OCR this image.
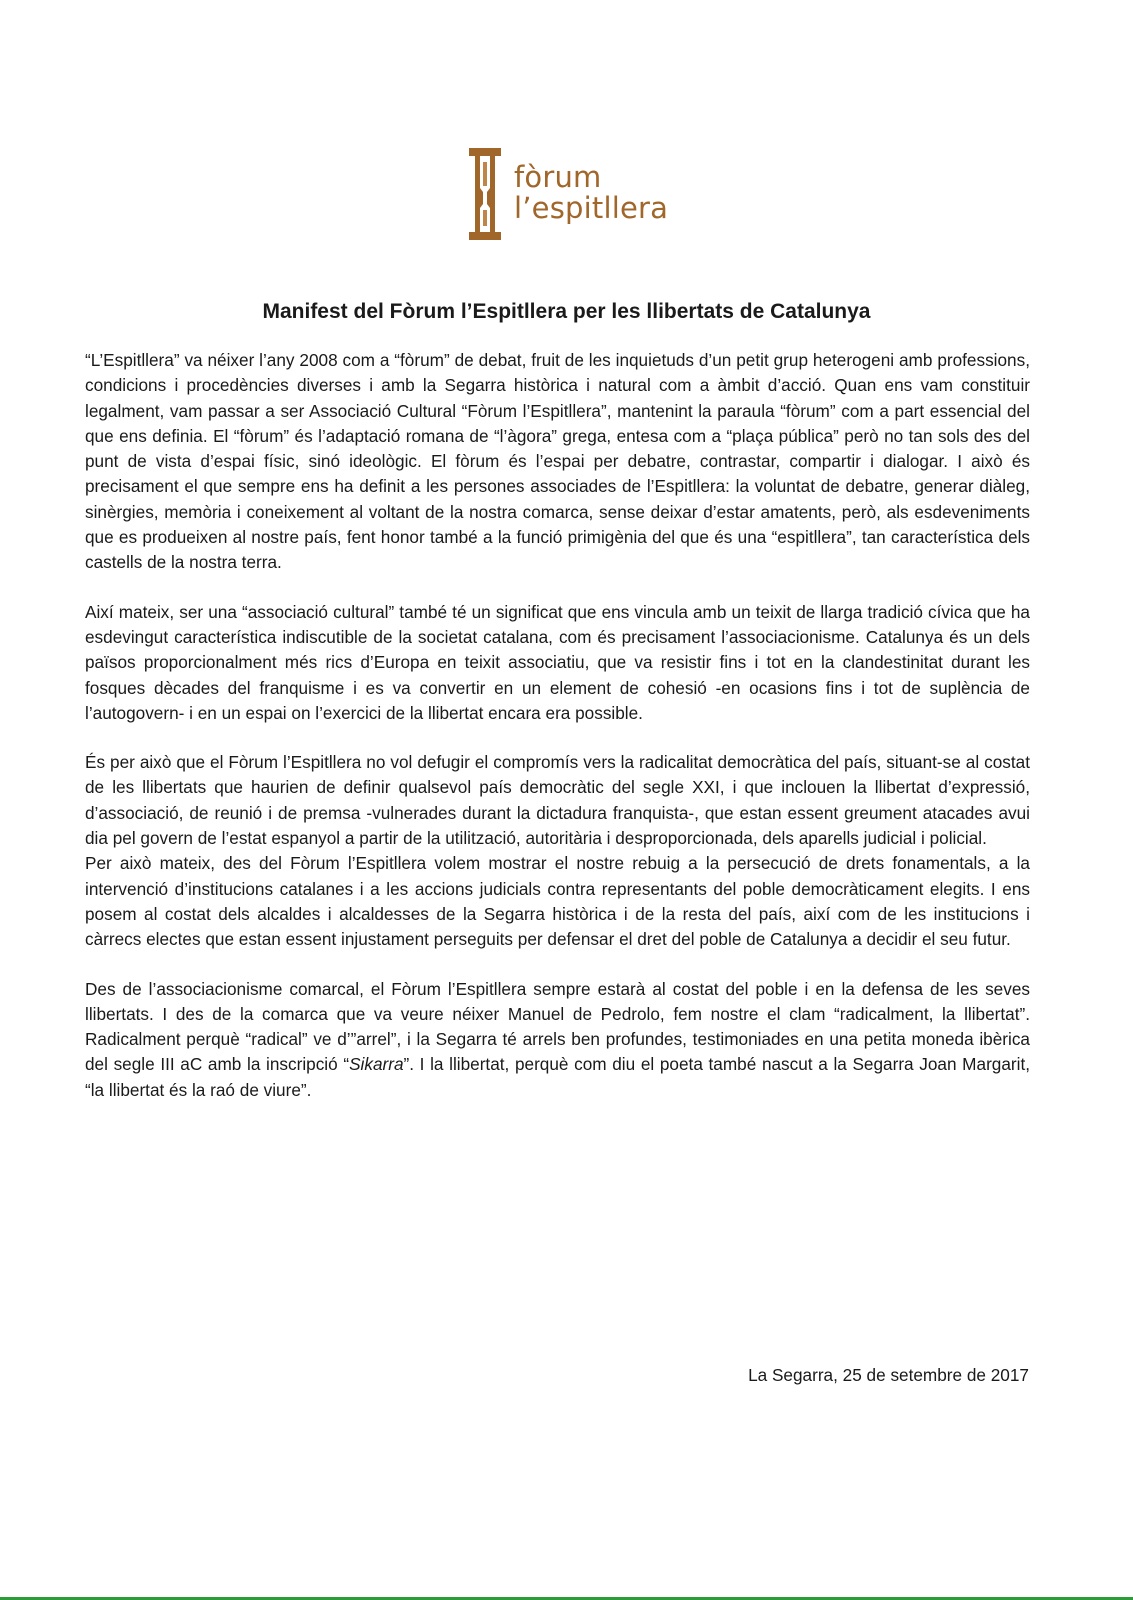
fòrum
l’espitllera
Manifest del Fòrum l’Espitllera per les llibertats de Catalunya

“L’Espitllera” va néixer l’any 2008 com a “fòrum” de debat, fruit de les inquietuds d’un petit grup heterogeni amb professions, condicions i procedències diverses i amb la Segarra històrica i natural com a àmbit d’acció. Quan ens vam constituir legalment, vam passar a ser Associació Cultural “Fòrum l’Espitllera”, mantenint la paraula “fòrum” com a part essencial del que ens definia. El “fòrum” és l’adaptació romana de “l’àgora” grega, entesa com a “plaça pública” però no tan sols des del punt de vista d’espai físic, sinó ideològic. El fòrum és l’espai per debatre, contrastar, compartir i dialogar. I això és precisament el que sempre ens ha definit a les persones associades de l’Espitllera: la voluntat de debatre, generar diàleg, sinèrgies, memòria i coneixement al voltant de la nostra comarca, sense deixar d’estar amatents, però, als esdeveniments que es produeixen al nostre país, fent honor també a la funció primigènia del que és una “espitllera”, tan característica dels castells de la nostra terra.

Així mateix, ser una “associació cultural” també té un significat que ens vincula amb un teixit de llarga tradició cívica que ha esdevingut característica indiscutible de la societat catalana, com és precisament l’associacionisme. Catalunya és un dels països proporcionalment més rics d’Europa en teixit associatiu, que va resistir fins i tot en la clandestinitat durant les fosques dècades del franquisme i es va convertir en un element de cohesió -en ocasions fins i tot de suplència de l’autogovern- i en un espai on l’exercici de la llibertat encara era possible.

És per això que el Fòrum l’Espitllera no vol defugir el compromís vers la radicalitat democràtica del país, situant-se al costat de les llibertats que haurien de definir qualsevol país democràtic del segle XXI, i que inclouen la llibertat d’expressió, d’associació, de reunió i de premsa -vulnerades durant la dictadura franquista-, que estan essent greument atacades avui dia pel govern de l’estat espanyol a partir de la utilització, autoritària i desproporcionada, dels aparells judicial i policial.

Per això mateix, des del Fòrum l’Espitllera volem mostrar el nostre rebuig a la persecució de drets fonamentals, a la intervenció d’institucions catalanes i a les accions judicials contra representants del poble democràticament elegits. I ens posem al costat dels alcaldes i alcaldesses de la Segarra històrica i de la resta del país, així com de les institucions i càrrecs electes que estan essent injustament perseguits per defensar el dret del poble de Catalunya a decidir el seu futur.

Des de l’associacionisme comarcal, el Fòrum l’Espitllera sempre estarà al costat del poble i en la defensa de les seves llibertats. I des de la comarca que va veure néixer Manuel de Pedrolo, fem nostre el clam “radicalment, la llibertat”. Radicalment perquè “radical” ve d’”arrel”, i la Segarra té arrels ben profundes, testimoniades en una petita moneda ibèrica del segle III aC amb la inscripció “Sikarra”. I la llibertat, perquè com diu el poeta també nascut a la Segarra Joan Margarit, “la llibertat és la raó de viure”.

La Segarra, 25 de setembre de 2017
